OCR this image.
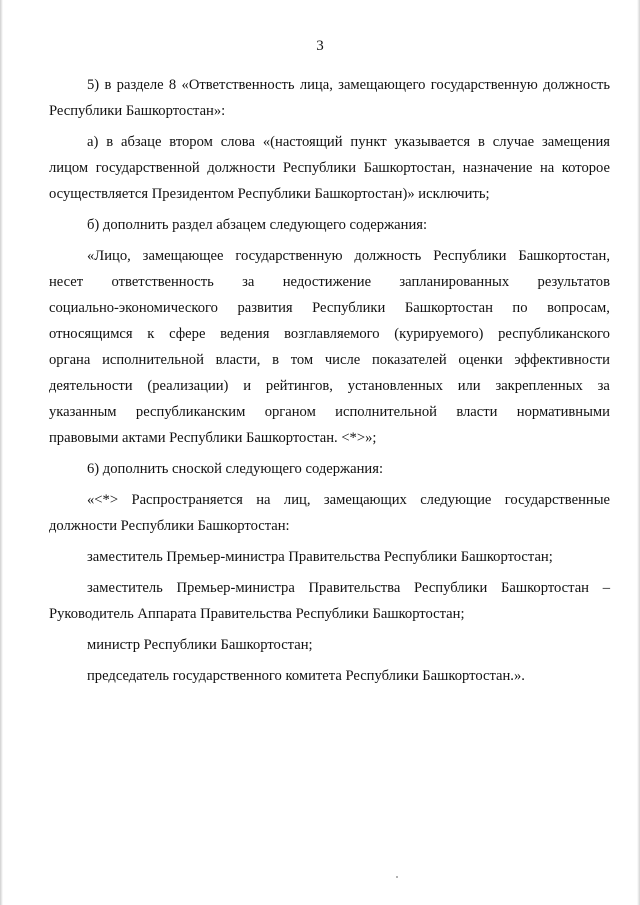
3

5) в разделе 8 «Ответственность лица, замещающего государственную должность Республики Башкортостан»:

а) в абзаце втором слова «(настоящий пункт указывается в случае замещения лицом государственной должности Республики Башкортостан, назначение на которое осуществляется Президентом Республики Башкортостан)» исключить;

б) дополнить раздел абзацем следующего содержания:

«Лицо, замещающее государственную должность Республики Башкортостан,
несет ответственность за недостижение запланированных результатов
социально-экономического развития Республики Башкортостан по вопросам,
относящимся к сфере ведения возглавляемого (курируемого) республиканского
органа исполнительной власти, в том числе показателей оценки эффективности
деятельности (реализации) и рейтингов, установленных или закрепленных за
указанным республиканским органом исполнительной власти нормативными
правовыми актами Республики Башкортостан. <*>»;

6) дополнить сноской следующего содержания:

«<*> Распространяется на лиц, замещающих следующие государственные должности Республики Башкортостан:

заместитель Премьер-министра Правительства Республики Башкортостан;

заместитель Премьер-министра Правительства Республики Башкортостан – Руководитель Аппарата Правительства Республики Башкортостан;

министр Республики Башкортостан;

председатель государственного комитета Республики Башкортостан.».
